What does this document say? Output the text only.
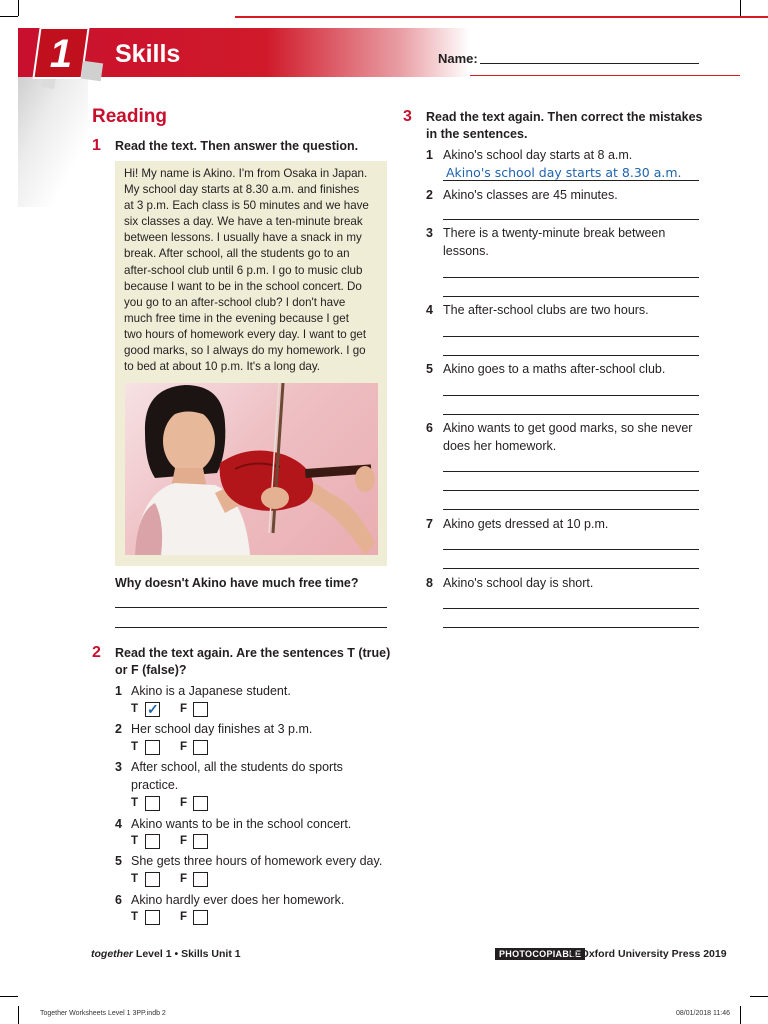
1	Skills	Name:
Reading
1 Read the text. Then answer the question.
Hi! My name is Akino. I'm from Osaka in Japan.
My school day starts at 8.30 a.m. and finishes
at 3 p.m. Each class is 50 minutes and we have
six classes a day. We have a ten-minute break
between lessons. I usually have a snack in my
break. After school, all the students go to an
after-school club until 6 p.m. I go to music club
because I want to be in the school concert. Do
you go to an after-school club? I don't have
much free time in the evening because I get
two hours of homework every day. I want to get
good marks, so I always do my homework. I go
to bed at about 10 p.m. It's a long day.
Why doesn't Akino have much free time?
2 Read the text again. Are the sentences T (true)
or F (false)?
1 Akino is a Japanese student.
T ✓ F
2 Her school day finishes at 3 p.m.
T	F
3 After school, all the students do sports
practice.
T	F
4 Akino wants to be in the school concert.
T	F
5 She gets three hours of homework every day.
T	F
6 Akino hardly ever does her homework.
T	F
3 Read the text again. Then correct the mistakes
in the sentences.
1 Akino's school day starts at 8 a.m.
Akino's school day starts at 8.30 a.m.
2 Akino's classes are 45 minutes.
3 There is a twenty-minute break between
lessons.
4 The after-school clubs are two hours.
5 Akino goes to a maths after-school club.
6 Akino wants to get good marks, so she never
does her homework.
7 Akino gets dressed at 10 p.m.
8 Akino's school day is short.
together Level 1 • Skills Unit 1	PHOTOCOPIABLE
© Oxford University Press 2019
Together Worksheets Level 1 3PP.indb 2	08/01/2018 11:46
